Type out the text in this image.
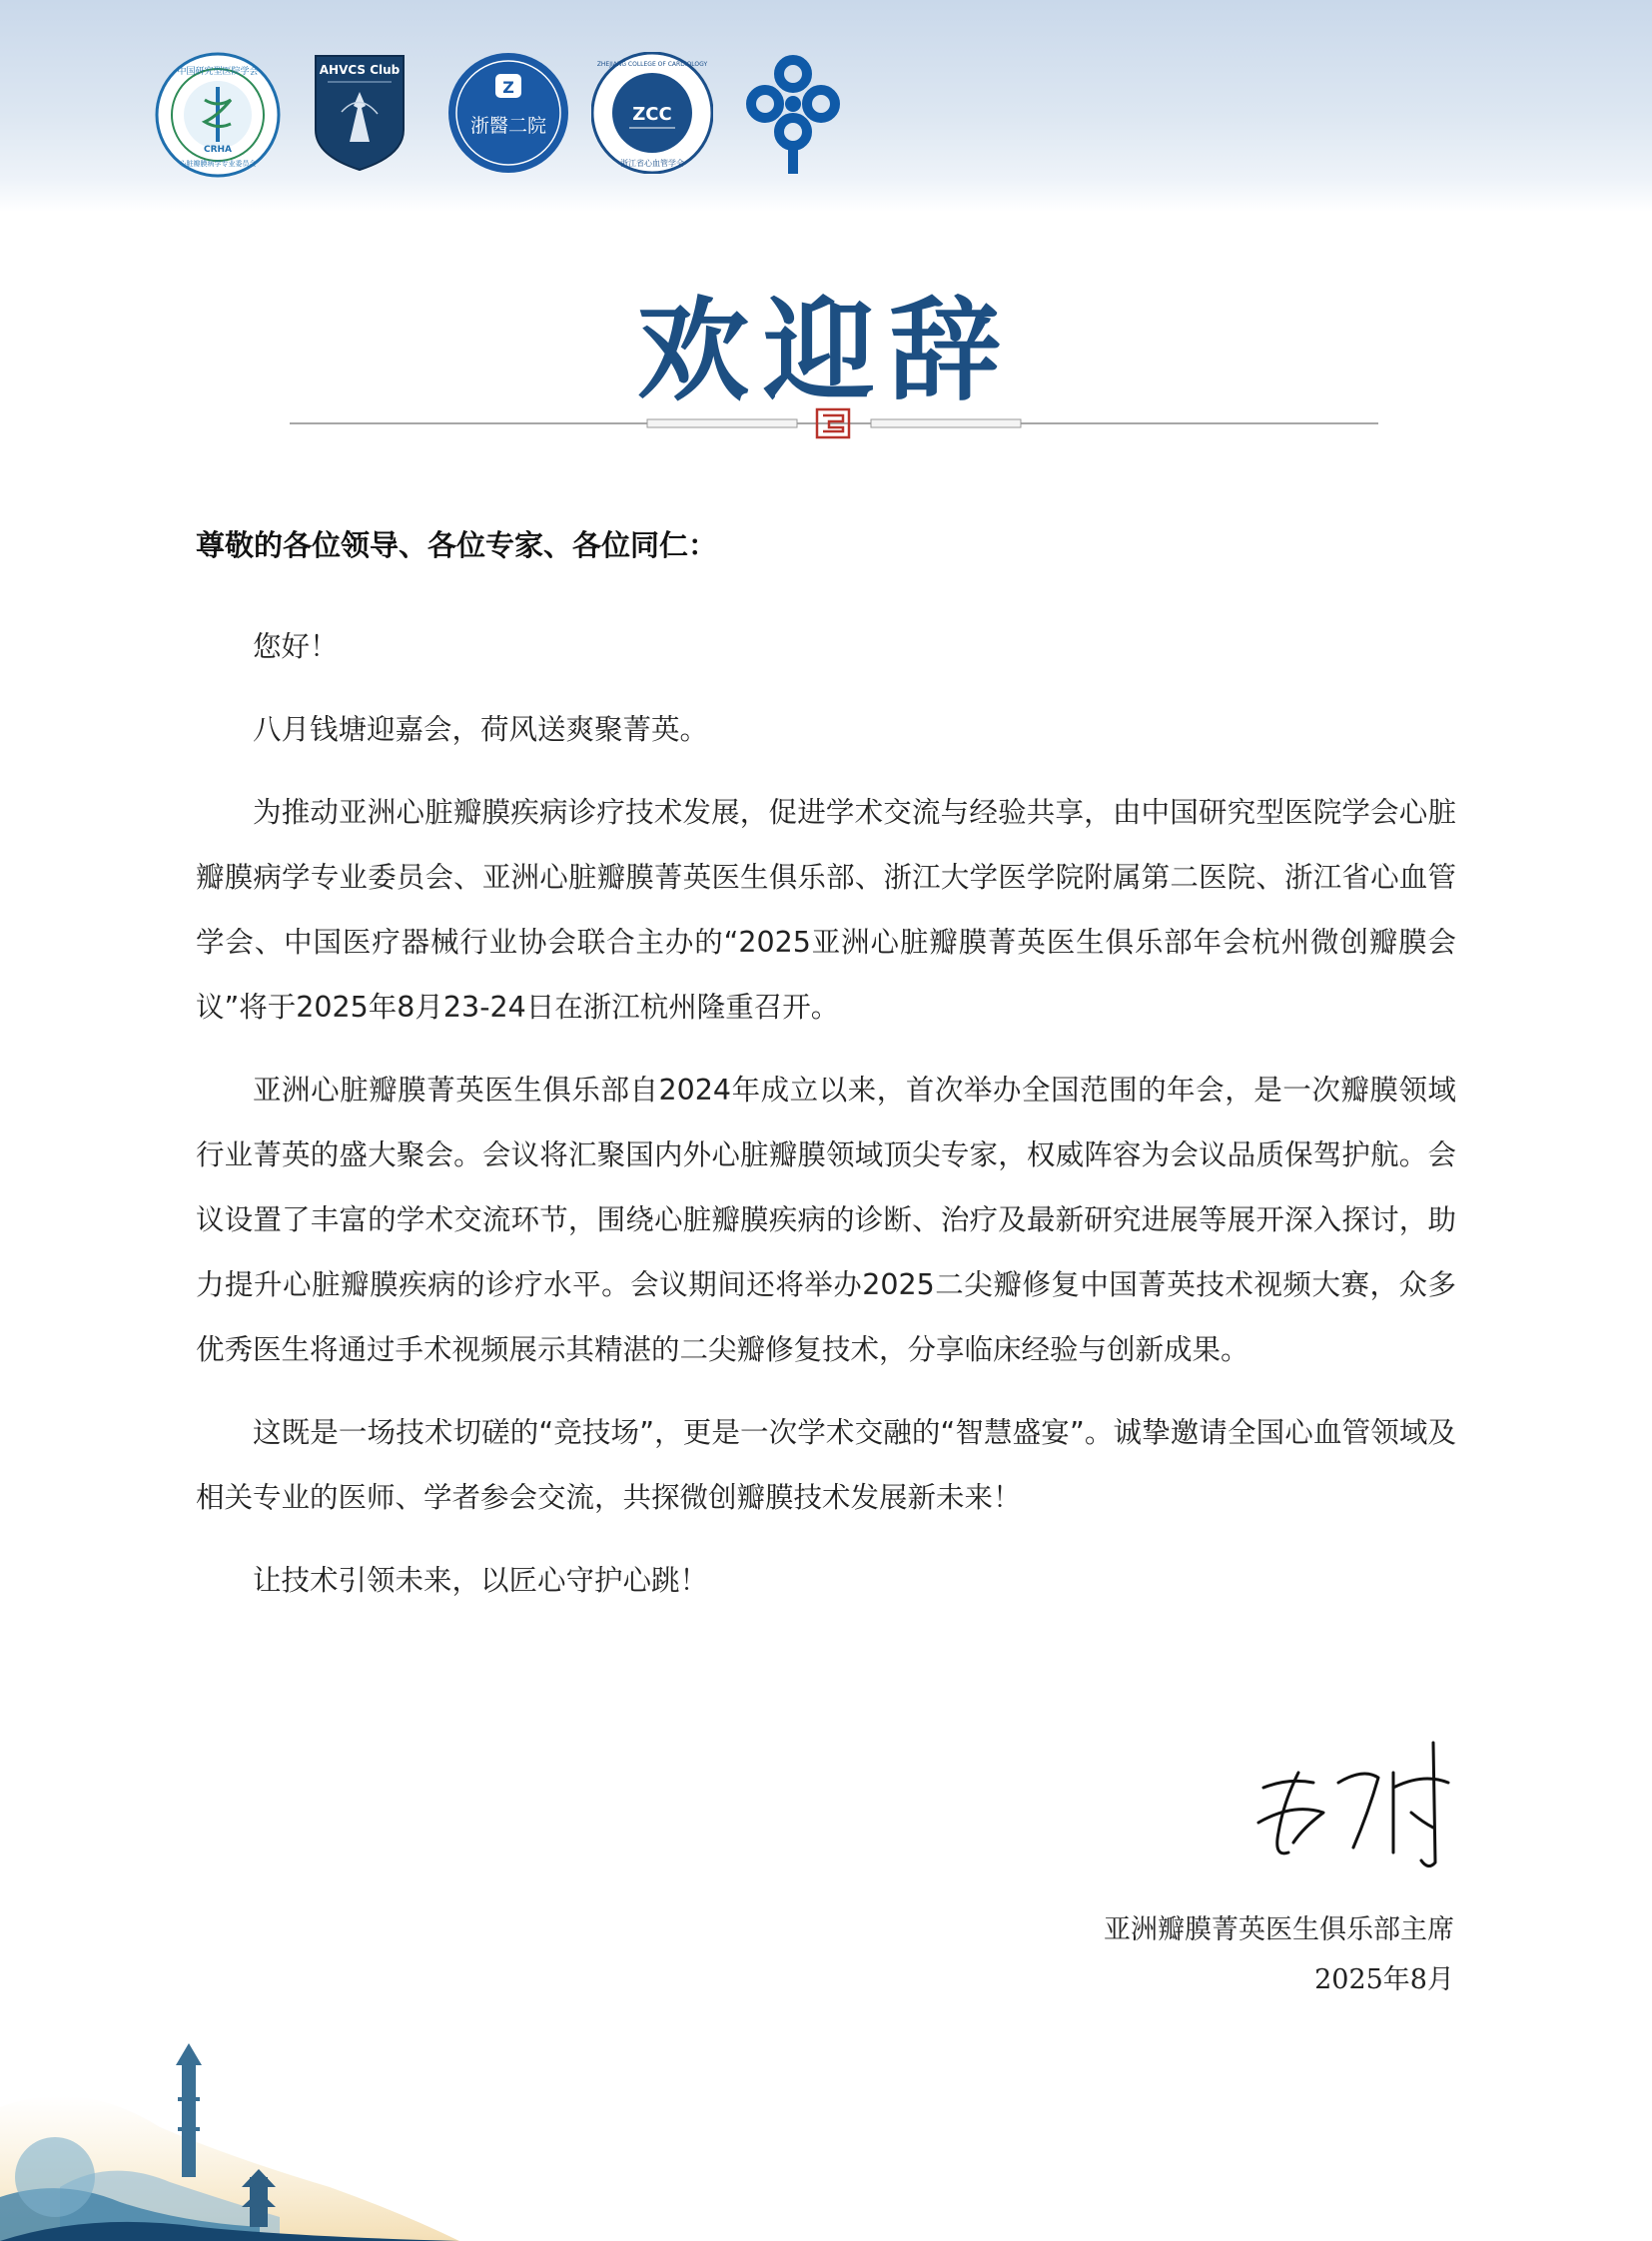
中国研究型医院学会
CRHA
心脏瓣膜病学专业委员会
AHVCS Club
Z
浙醫二院
ZHEJIANG COLLEGE OF CARDIOLOGY
ZCC
浙江省心血管学会
欢迎辞
尊敬的各位领导、各位专家、各位同仁：

您好！

八月钱塘迎嘉会，荷风送爽聚菁英。

为推动亚洲心脏瓣膜疾病诊疗技术发展，促进学术交流与经验共享，由中国研究型医院学会心脏瓣膜病学专业委员会、亚洲心脏瓣膜菁英医生俱乐部、浙江大学医学院附属第二医院、浙江省心血管学会、中国医疗器械行业协会联合主办的“2025亚洲心脏瓣膜菁英医生俱乐部年会杭州微创瓣膜会议”将于2025年8月23-24日在浙江杭州隆重召开。

亚洲心脏瓣膜菁英医生俱乐部自2024年成立以来，首次举办全国范围的年会，是一次瓣膜领域行业菁英的盛大聚会。会议将汇聚国内外心脏瓣膜领域顶尖专家，权威阵容为会议品质保驾护航。会议设置了丰富的学术交流环节，围绕心脏瓣膜疾病的诊断、治疗及最新研究进展等展开深入探讨，助力提升心脏瓣膜疾病的诊疗水平。会议期间还将举办2025二尖瓣修复中国菁英技术视频大赛，众多优秀医生将通过手术视频展示其精湛的二尖瓣修复技术，分享临床经验与创新成果。

这既是一场技术切磋的“竞技场”，更是一次学术交融的“智慧盛宴”。诚挚邀请全国心血管领域及相关专业的医师、学者参会交流，共探微创瓣膜技术发展新未来！

让技术引领未来，以匠心守护心跳！

亚洲瓣膜菁英医生俱乐部主席
2025年8月
